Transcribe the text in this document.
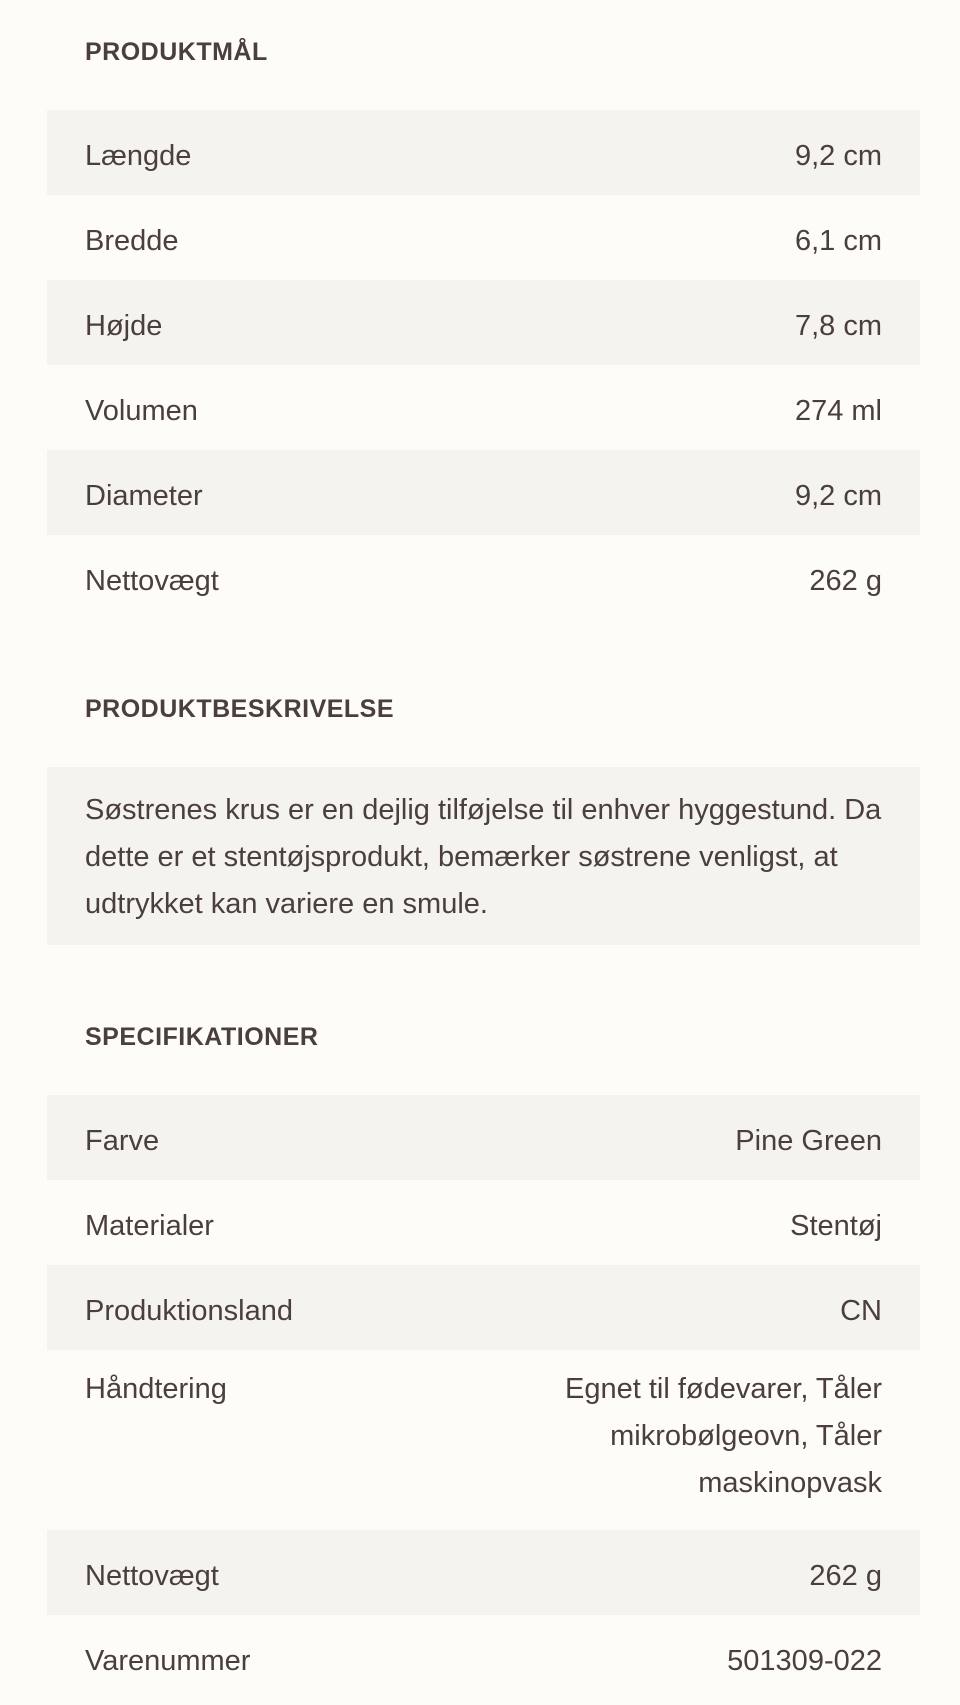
PRODUKTMÅL
Længde	9,2 cm
Bredde	6,1 cm
Højde	7,8 cm
Volumen	274 ml
Diameter	9,2 cm
Nettovægt	262 g
PRODUKTBESKRIVELSE
Søstrenes krus er en dejlig tilføjelse til enhver hyggestund. Da dette er et stentøjsprodukt, bemærker søstrene venligst, at udtrykket kan variere en smule.
SPECIFIKATIONER
Farve	Pine Green
Materialer	Stentøj
Produktionsland	CN
Håndtering	Egnet til fødevarer, Tåler mikrobølgeovn, Tåler maskinopvask
Nettovægt	262 g
Varenummer	501309-022
